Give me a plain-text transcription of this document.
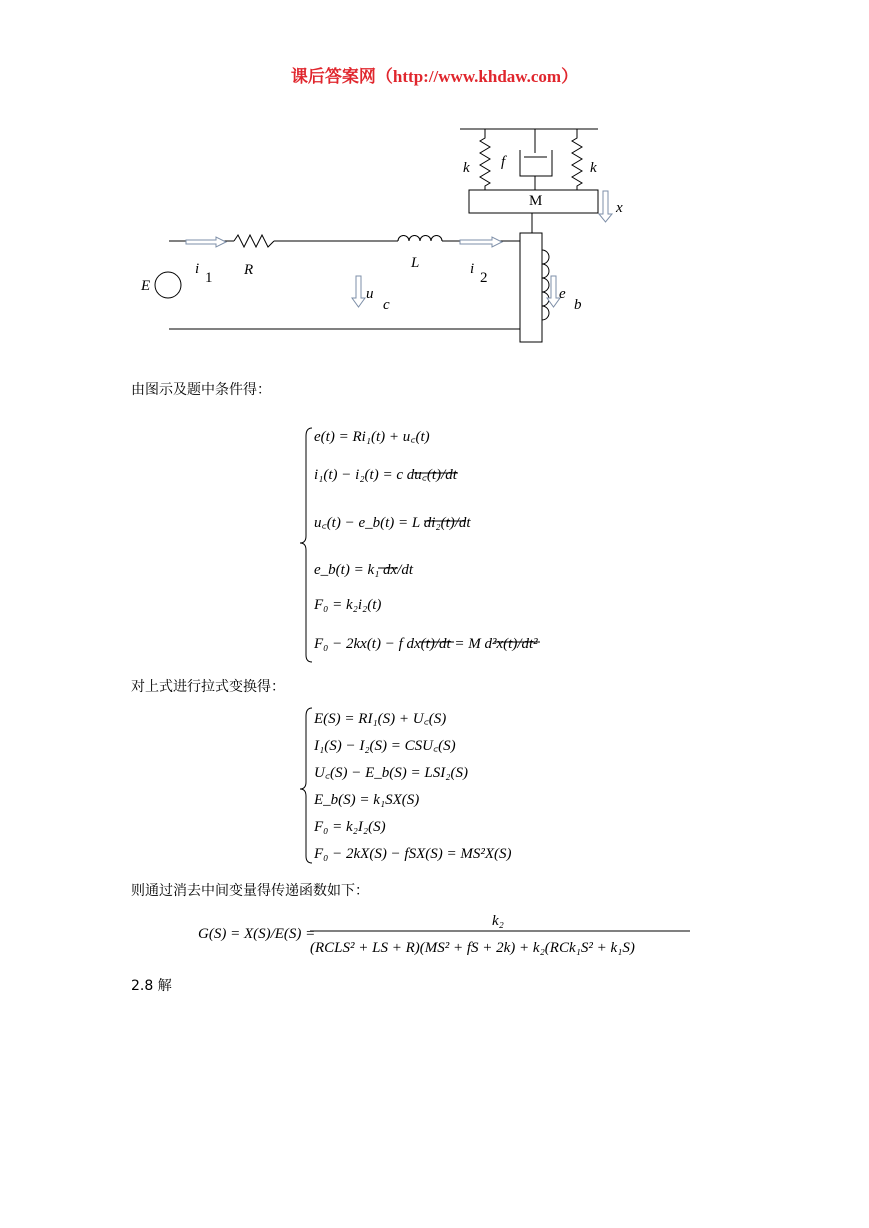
课后答案网（http://www.khdaw.com）
k f	k
M	x
E
i
1 R	L	i
2
u
c
e
b
e(t) = Ri₁(t) + u꜀(t)
i₁(t) − i₂(t) = c du꜀(t)/dt
u꜀(t) − e_b(t) = L di₂(t)/dt
e_b(t) = k₁ dx/dt
F₀ = k₂i₂(t)
F₀ − 2kx(t) − f dx(t)/dt = M d²x(t)/dt²
E(S) = RI₁(S) + U꜀(S)
I₁(S) − I₂(S) = CSU꜀(S)
U꜀(S) − E_b(S) = LSI₂(S)
E_b(S) = k₁SX(S)
F₀ = k₂I₂(S)
F₀ − 2kX(S) − fSX(S) = MS²X(S)
G(S) = X(S)/E(S) =
k₂
(RCLS² + LS + R)(MS² + fS + 2k) + k₂(RCk₁S² + k₁S)
由图示及题中条件得：
对上式进行拉式变换得：
则通过消去中间变量得传递函数如下：
2.8 解
